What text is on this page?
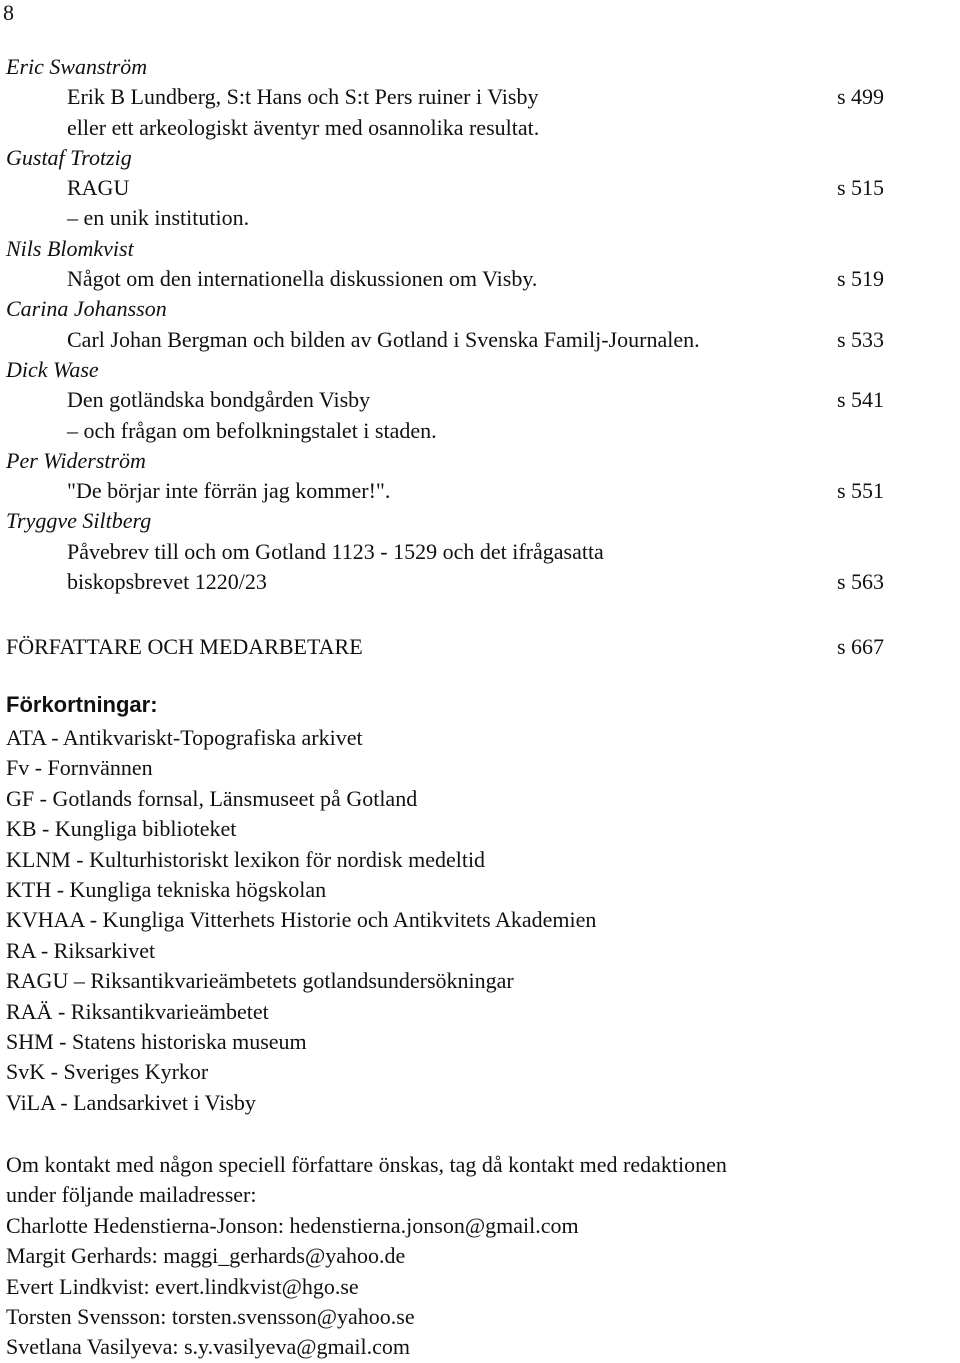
8
Eric Swanström
Erik B Lundberg, S:t Hans och S:t Pers ruiner i Visby	s 499
eller ett arkeologiskt äventyr med osannolika resultat.
Gustaf Trotzig
RAGU	s 515
– en unik institution.
Nils Blomkvist
Något om den internationella diskussionen om Visby.	s 519
Carina Johansson
Carl Johan Bergman och bilden av Gotland i Svenska Familj-Journalen.	s 533
Dick Wase
Den gotländska bondgården Visby	s 541
– och frågan om befolkningstalet i staden.
Per Widerström
"De börjar inte förrän jag kommer!".	s 551
Tryggve Siltberg
Påvebrev till och om Gotland 1123 - 1529 och det ifrågasatta
biskopsbrevet 1220/23	s 563
FÖRFATTARE OCH MEDARBETARE	s 667
Förkortningar:
ATA - Antikvariskt-Topografiska arkivet
Fv - Fornvännen
GF - Gotlands fornsal, Länsmuseet på Gotland
KB - Kungliga biblioteket
KLNM - Kulturhistoriskt lexikon för nordisk medeltid
KTH - Kungliga tekniska högskolan
KVHAA - Kungliga Vitterhets Historie och Antikvitets Akademien
RA - Riksarkivet
RAGU – Riksantikvarieämbetets gotlandsundersökningar
RAÄ - Riksantikvarieämbetet
SHM - Statens historiska museum
SvK - Sveriges Kyrkor
ViLA - Landsarkivet i Visby
Om kontakt med någon speciell författare önskas, tag då kontakt med redaktionen
under följande mailadresser:
Charlotte Hedenstierna-Jonson: hedenstierna.jonson@gmail.com
Margit Gerhards: maggi_gerhards@yahoo.de
Evert Lindkvist: evert.lindkvist@hgo.se
Torsten Svensson: torsten.svensson@yahoo.se
Svetlana Vasilyeva: s.y.vasilyeva@gmail.com
